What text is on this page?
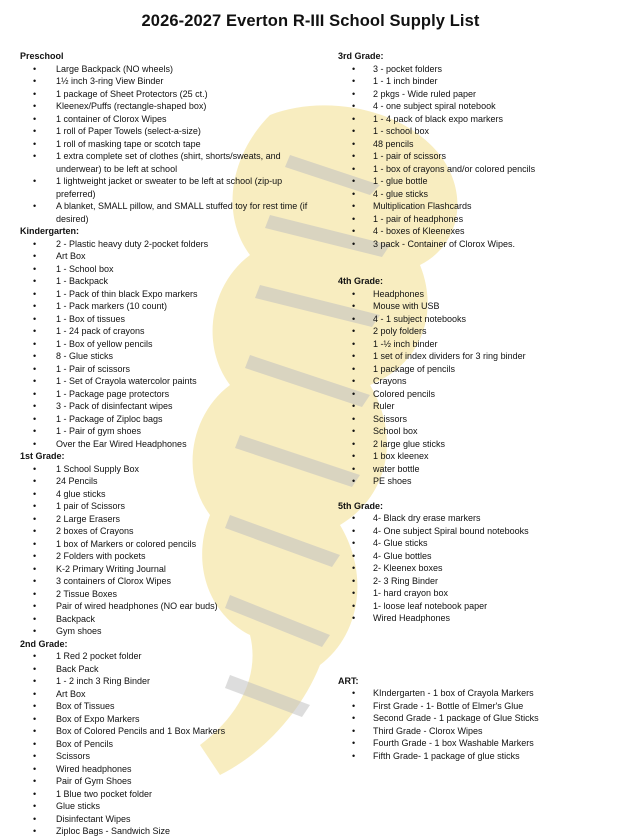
2026-2027 Everton R-III School Supply List
Preschool
• Large Backpack (NO wheels)
• 1½ inch 3-ring View Binder
• 1 package of Sheet Protectors (25 ct.)
• Kleenex/Puffs (rectangle-shaped box)
• 1 container of Clorox Wipes
• 1 roll of Paper Towels (select-a-size)
• 1 roll of masking tape or scotch tape
• 1 extra complete set of clothes (shirt, shorts/sweats, and underwear) to be left at school
• 1 lightweight jacket or sweater to be left at school (zip-up preferred)
• A blanket, SMALL pillow, and SMALL stuffed toy for rest time (if desired)
Kindergarten:
• 2 - Plastic heavy duty 2-pocket folders
• Art Box
• 1 - School box
• 1 - Backpack
• 1 - Pack of thin black Expo markers
• 1 - Pack markers (10 count)
• 1 - Box of tissues
• 1 - 24 pack of crayons
• 1 - Box of yellow pencils
• 8 - Glue sticks
• 1 - Pair of scissors
• 1 - Set of Crayola watercolor paints
• 1 - Package page protectors
• 3 - Pack of disinfectant wipes
• 1 - Package of Ziploc bags
• 1 - Pair of gym shoes
• Over the Ear Wired Headphones
1st Grade:
• 1 School Supply Box
• 24 Pencils
• 4 glue sticks
• 1 pair of Scissors
• 2 Large Erasers
• 2 boxes of Crayons
• 1 box of Markers or colored pencils
• 2 Folders with pockets
• K-2 Primary Writing Journal
• 3 containers of Clorox Wipes
• 2 Tissue Boxes
• Pair of wired headphones (NO ear buds)
• Backpack
• Gym shoes
2nd Grade:
• 1 Red 2 pocket folder
• Back Pack
• 1 - 2 inch 3 Ring Binder
• Art Box
• Box of Tissues
• Box of Expo Markers
• Box of Colored Pencils and 1 Box Markers
• Box of Pencils
• Scissors
• Wired headphones
• Pair of Gym Shoes
• 1 Blue two pocket folder
• Glue sticks
• Disinfectant Wipes
• Ziploc Bags - Sandwich Size
3rd Grade:
• 3 - pocket folders
• 1 - 1 inch binder
• 2 pkgs - Wide ruled paper
• 4 - one subject spiral notebook
• 1 - 4 pack of black expo markers
• 1 - school box
• 48 pencils
• 1 - pair of scissors
• 1 - box of crayons and/or colored pencils
• 1 - glue bottle
• 4 - glue sticks
• Multiplication Flashcards
• 1 - pair of headphones
• 4 - boxes of Kleenexes
• 3 pack - Container of Clorox Wipes.
4th Grade:
• Headphones
• Mouse with USB
• 4 - 1 subject notebooks
• 2 poly folders
• 1 -½ inch binder
• 1 set of index dividers for 3 ring binder
• 1 package of pencils
• Crayons
• Colored pencils
• Ruler
• Scissors
• School box
• 2 large glue sticks
• 1 box kleenex
• water bottle
• PE shoes
5th Grade:
• 4- Black dry erase markers
• 4- One subject Spiral bound notebooks
• 4- Glue sticks
• 4- Glue bottles
• 2- Kleenex boxes
• 2- 3 Ring Binder
• 1- hard crayon box
• 1- loose leaf notebook paper
• Wired Headphones
ART:
• KIndergarten - 1 box of Crayola Markers
• First Grade - 1- Bottle of Elmer's Glue
• Second Grade - 1 package of Glue Sticks
• Third Grade - Clorox Wipes
• Fourth Grade - 1 box Washable Markers
• Fifth Grade- 1 package of glue sticks
